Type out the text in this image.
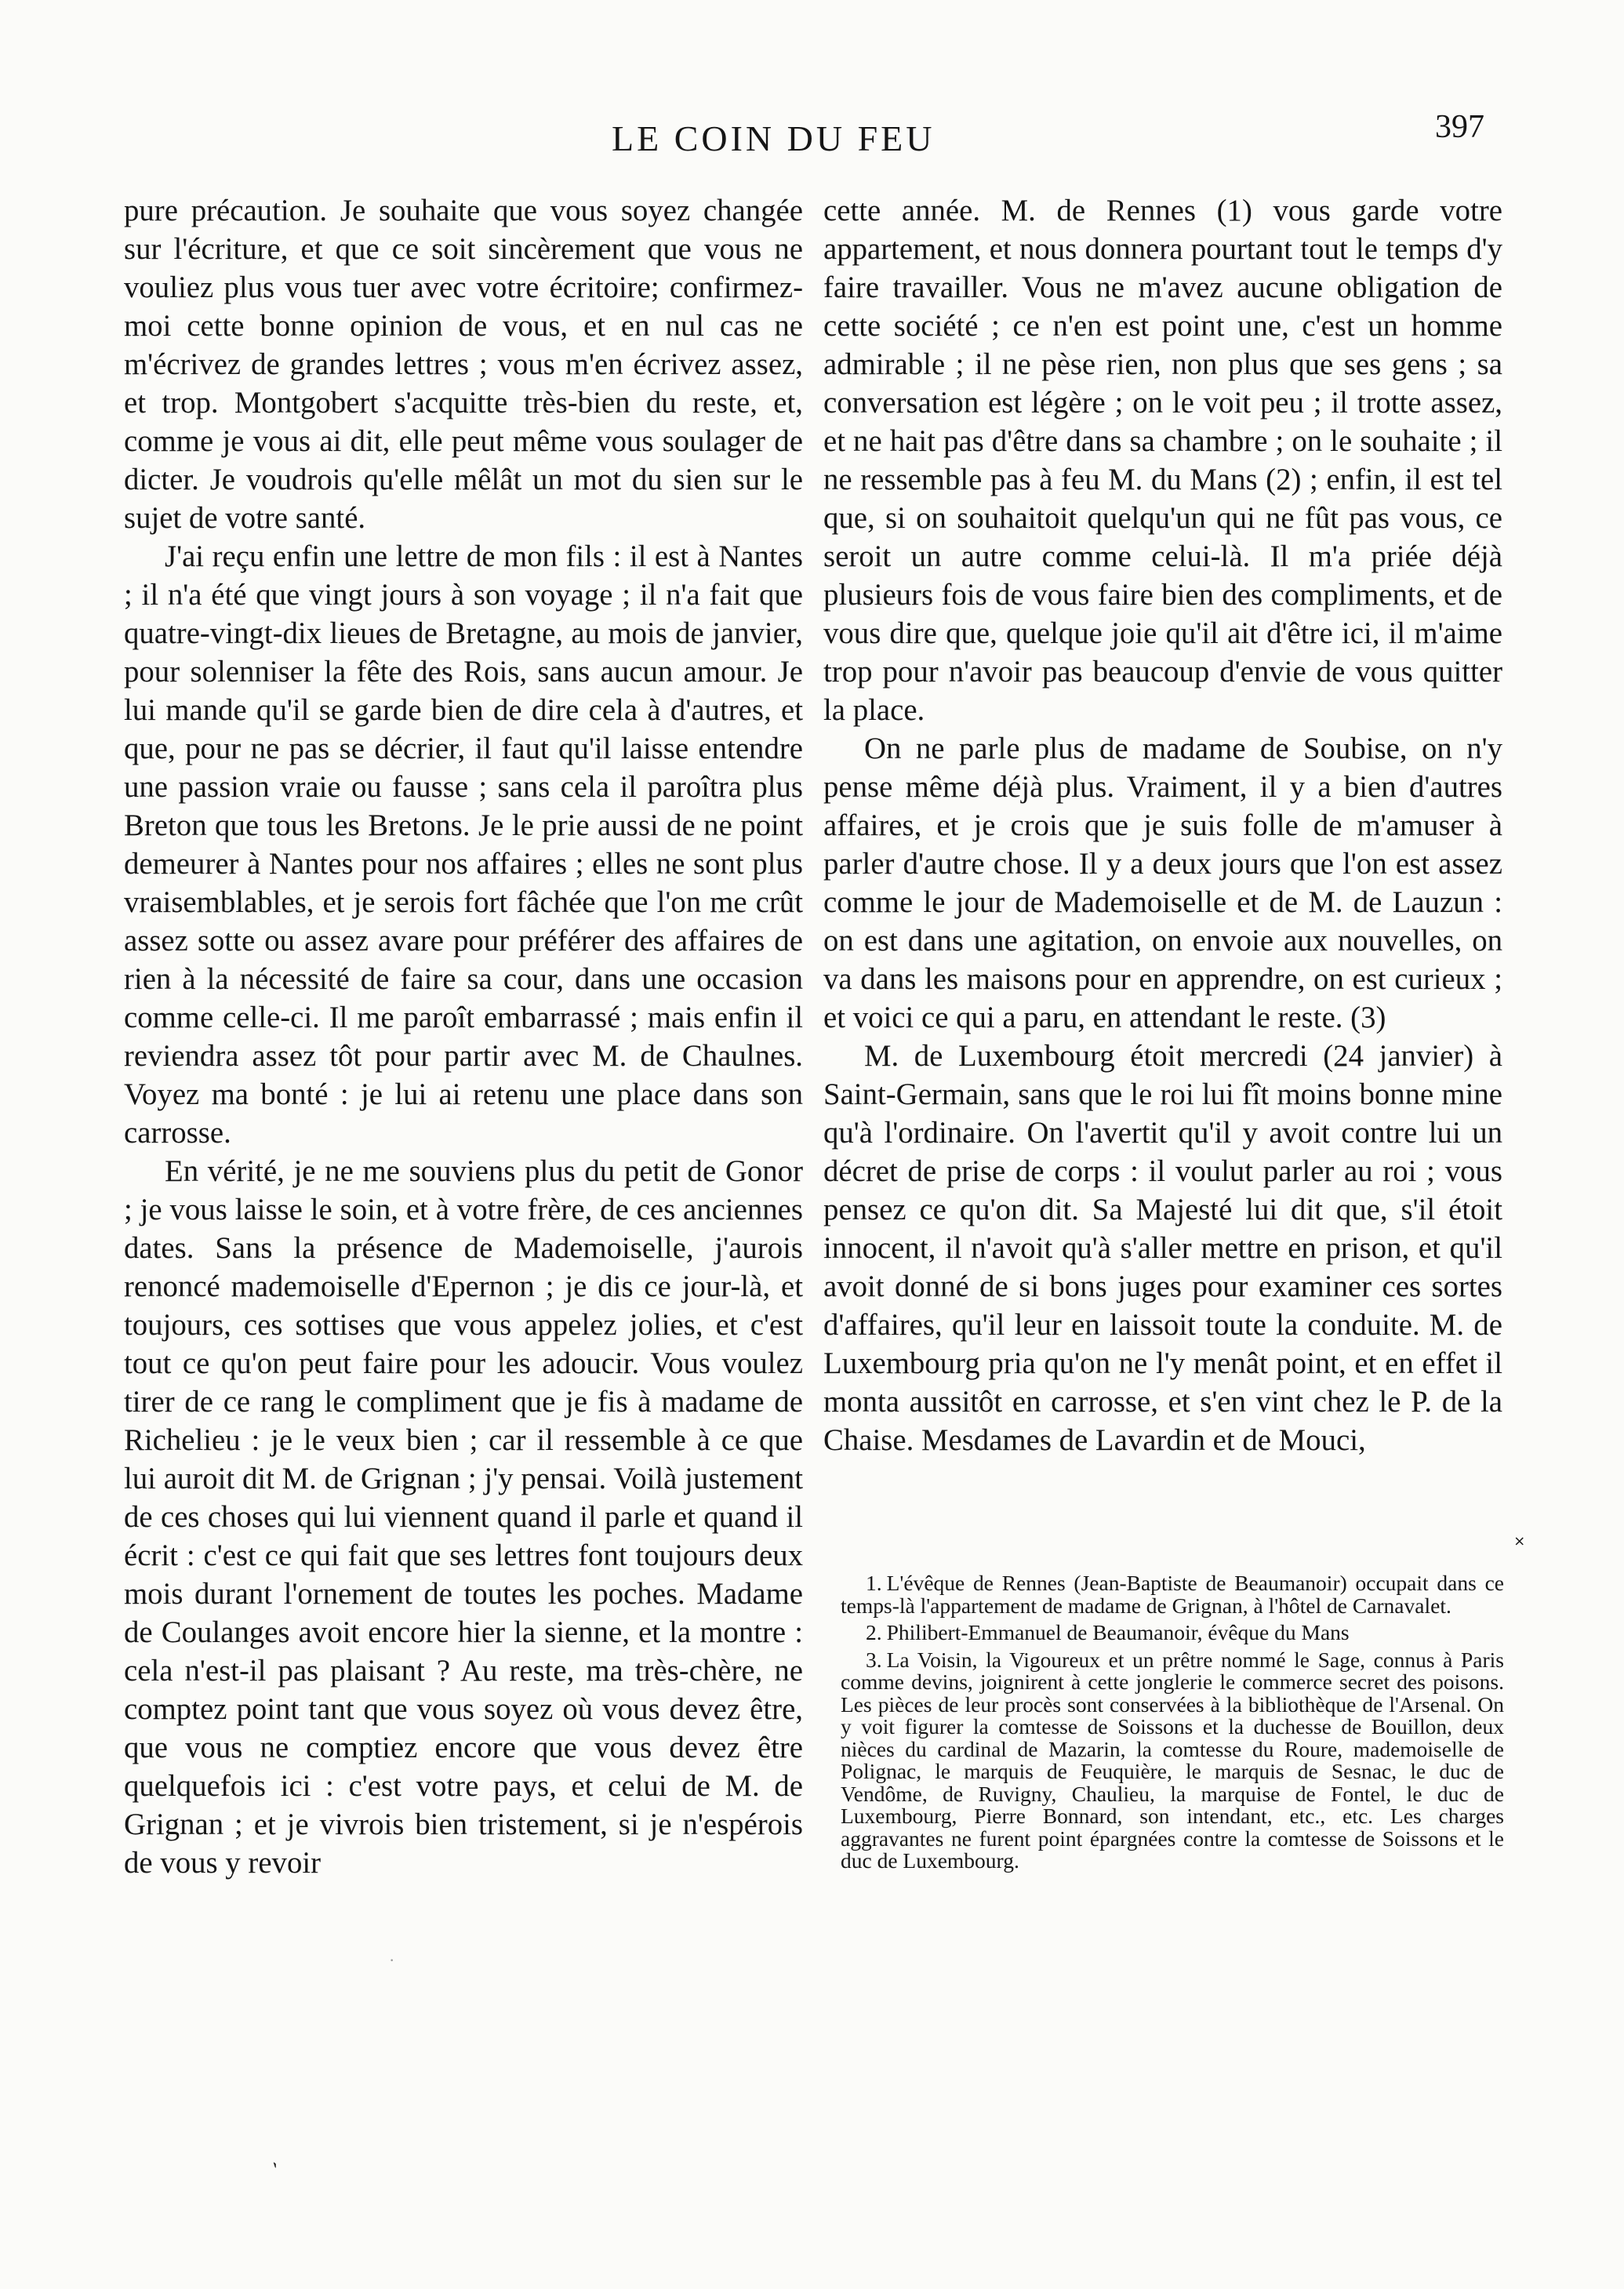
LE COIN DU FEU	397

pure précaution. Je souhaite que vous soyez changée sur l'écriture, et que ce soit sincèrement que vous ne vouliez plus vous tuer avec votre écritoire; confirmez-moi cette bonne opinion de vous, et en nul cas ne m'écrivez de grandes lettres ; vous m'en écrivez assez, et trop. Montgobert s'acquitte très-bien du reste, et, comme je vous ai dit, elle peut même vous soulager de dicter. Je voudrois qu'elle mêlât un mot du sien sur le sujet de votre santé.

J'ai reçu enfin une lettre de mon fils : il est à Nantes ; il n'a été que vingt jours à son voyage ; il n'a fait que quatre-vingt-dix lieues de Bretagne, au mois de janvier, pour solenniser la fête des Rois, sans aucun amour. Je lui mande qu'il se garde bien de dire cela à d'autres, et que, pour ne pas se décrier, il faut qu'il laisse entendre une passion vraie ou fausse ; sans cela il paroîtra plus Breton que tous les Bretons. Je le prie aussi de ne point demeurer à Nantes pour nos affaires ; elles ne sont plus vraisemblables, et je serois fort fâchée que l'on me crût assez sotte ou assez avare pour préférer des affaires de rien à la nécessité de faire sa cour, dans une occasion comme celle-ci. Il me paroît embarrassé ; mais enfin il reviendra assez tôt pour partir avec M. de Chaulnes. Voyez ma bonté : je lui ai retenu une place dans son carrosse.

En vérité, je ne me souviens plus du petit de Gonor ; je vous laisse le soin, et à votre frère, de ces anciennes dates. Sans la présence de Mademoiselle, j'aurois renoncé mademoiselle d'Epernon ; je dis ce jour-là, et toujours, ces sottises que vous appelez jolies, et c'est tout ce qu'on peut faire pour les adoucir. Vous voulez tirer de ce rang le compliment que je fis à madame de Richelieu : je le veux bien ; car il ressemble à ce que lui auroit dit M. de Grignan ; j'y pensai. Voilà justement de ces choses qui lui viennent quand il parle et quand il écrit : c'est ce qui fait que ses lettres font toujours deux mois durant l'ornement de toutes les poches. Madame de Coulanges avoit encore hier la sienne, et la montre : cela n'est-il pas plaisant ? Au reste, ma très-chère, ne comptez point tant que vous soyez où vous devez être, que vous ne comptiez encore que vous devez être quelquefois ici : c'est votre pays, et celui de M. de Grignan ; et je vivrois bien tristement, si je n'espérois de vous y revoir

cette année. M. de Rennes (1) vous garde votre appartement, et nous donnera pourtant tout le temps d'y faire travailler. Vous ne m'avez aucune obligation de cette société ; ce n'en est point une, c'est un homme admirable ; il ne pèse rien, non plus que ses gens ; sa conversation est légère ; on le voit peu ; il trotte assez, et ne hait pas d'être dans sa chambre ; on le souhaite ; il ne ressemble pas à feu M. du Mans (2) ; enfin, il est tel que, si on souhaitoit quelqu'un qui ne fût pas vous, ce seroit un autre comme celui-là. Il m'a priée déjà plusieurs fois de vous faire bien des compliments, et de vous dire que, quelque joie qu'il ait d'être ici, il m'aime trop pour n'avoir pas beaucoup d'envie de vous quitter la place.

On ne parle plus de madame de Soubise, on n'y pense même déjà plus. Vraiment, il y a bien d'autres affaires, et je crois que je suis folle de m'amuser à parler d'autre chose. Il y a deux jours que l'on est assez comme le jour de Mademoiselle et de M. de Lauzun : on est dans une agitation, on envoie aux nouvelles, on va dans les maisons pour en apprendre, on est curieux ; et voici ce qui a paru, en attendant le reste. (3)

M. de Luxembourg étoit mercredi (24 janvier) à Saint-Germain, sans que le roi lui fît moins bonne mine qu'à l'ordinaire. On l'avertit qu'il y avoit contre lui un décret de prise de corps : il voulut parler au roi ; vous pensez ce qu'on dit. Sa Majesté lui dit que, s'il étoit innocent, il n'avoit qu'à s'aller mettre en prison, et qu'il avoit donné de si bons juges pour examiner ces sortes d'affaires, qu'il leur en laissoit toute la conduite. M. de Luxembourg pria qu'on ne l'y menât point, et en effet il monta aussitôt en carrosse, et s'en vint chez le P. de la Chaise. Mesdames de Lavardin et de Mouci,

1. L'évêque de Rennes (Jean-Baptiste de Beaumanoir) occupait dans ce temps-là l'appartement de madame de Grignan, à l'hôtel de Carnavalet.

2. Philibert-Emmanuel de Beaumanoir, évêque du Mans

3. La Voisin, la Vigoureux et un prêtre nommé le Sage, connus à Paris comme devins, joignirent à cette jonglerie le commerce secret des poisons. Les pièces de leur procès sont conservées à la bibliothèque de l'Arsenal. On y voit figurer la comtesse de Soissons et la duchesse de Bouillon, deux nièces du cardinal de Mazarin, la comtesse du Roure, mademoiselle de Polignac, le marquis de Feuquière, le marquis de Sesnac, le duc de Vendôme, de Ruvigny, Chaulieu, la marquise de Fontel, le duc de Luxembourg, Pierre Bonnard, son intendant, etc., etc. Les charges aggravantes ne furent point épargnées contre la comtesse de Soissons et le duc de Luxembourg.

˟
ˋ
·
